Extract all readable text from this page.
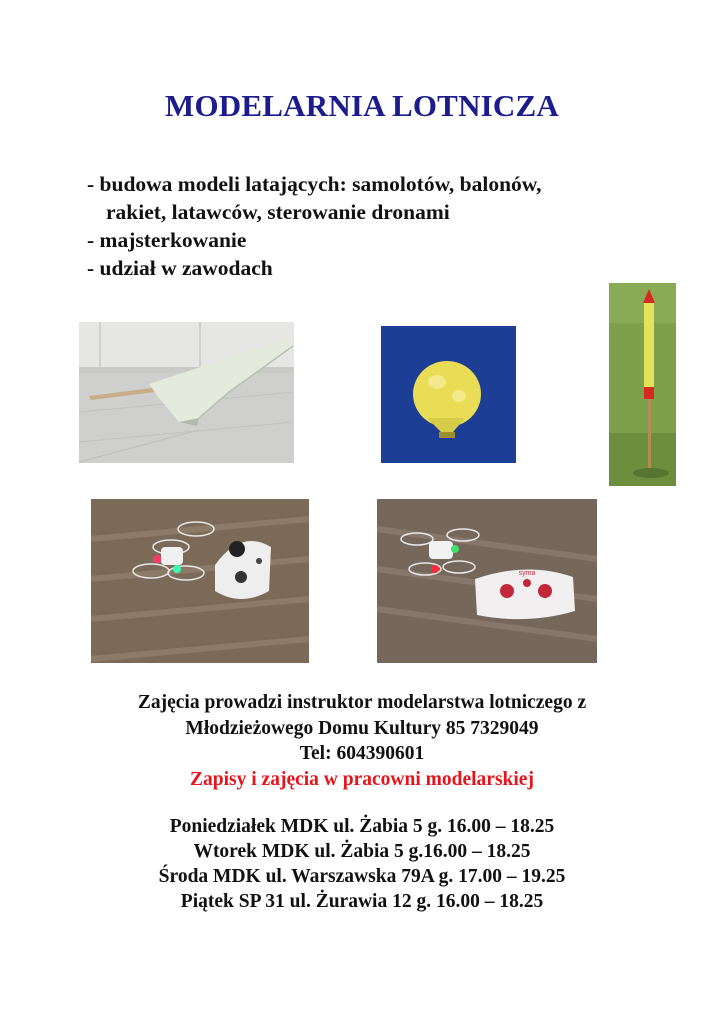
MODELARNIA LOTNICZA
- budowa modeli latających: samolotów, balonów,
rakiet, latawców, sterowanie dronami
- majsterkowanie
- udział w zawodach
syma
Zajęcia prowadzi instruktor modelarstwa lotniczego z
Młodzieżowego Domu Kultury 85 7329049
Tel: 604390601
Zapisy i zajęcia w pracowni modelarskiej
Poniedziałek MDK ul. Żabia 5 g. 16.00 – 18.25
Wtorek MDK ul. Żabia 5 g.16.00 – 18.25
Środa MDK ul. Warszawska 79A g. 17.00 – 19.25
Piątek SP 31 ul. Żurawia 12 g. 16.00 – 18.25
